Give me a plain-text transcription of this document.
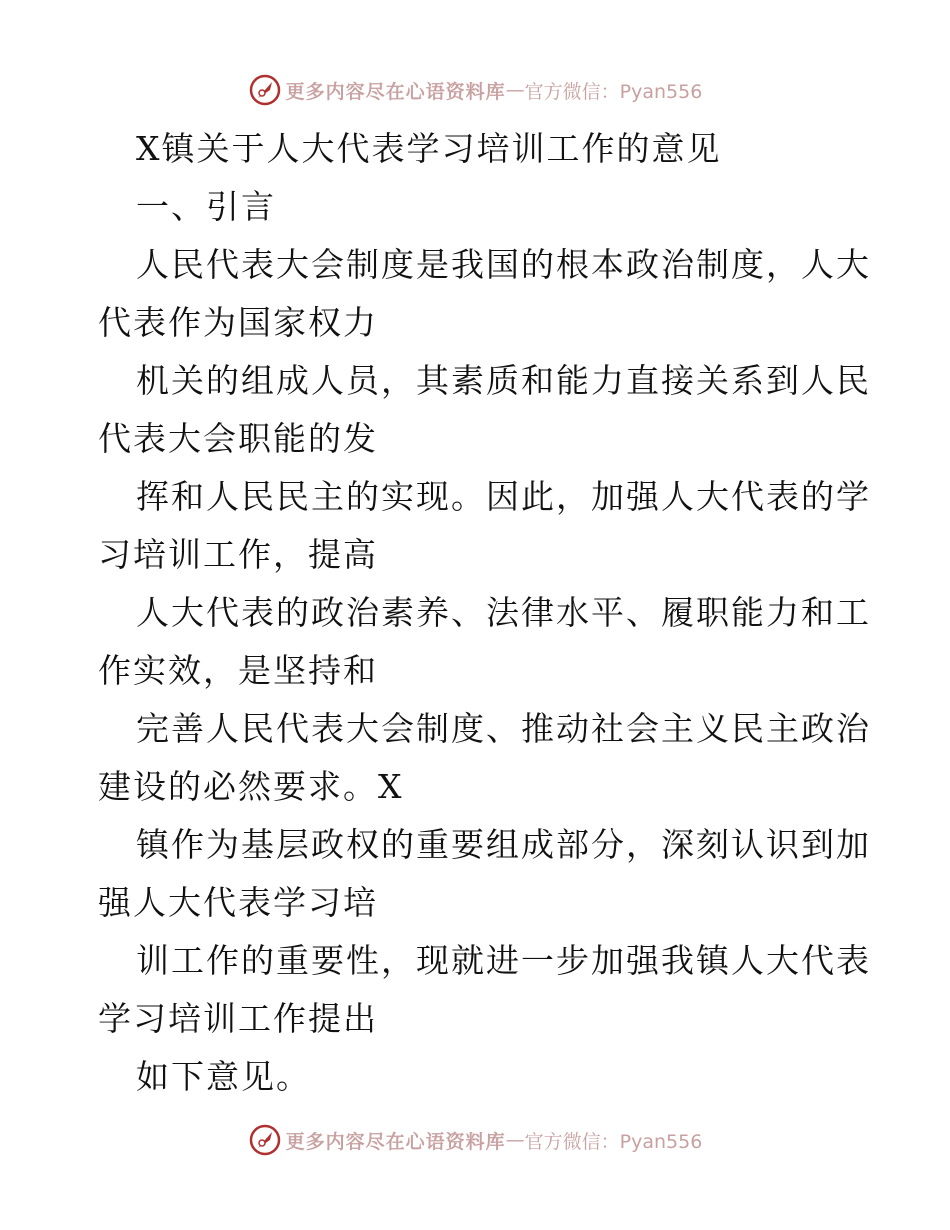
更多内容尽在心语资料库 — 官方微信：Pyan556
X镇关于人大代表学习培训工作的意见
一、引言
人民代表大会制度是我国的根本政治制度，人大
代表作为国家权力
机关的组成人员，其素质和能力直接关系到人民
代表大会职能的发
挥和人民民主的实现。因此，加强人大代表的学
习培训工作，提高
人大代表的政治素养、法律水平、履职能力和工
作实效，是坚持和
完善人民代表大会制度、推动社会主义民主政治
建设的必然要求。X
镇作为基层政权的重要组成部分，深刻认识到加
强人大代表学习培
训工作的重要性，现就进一步加强我镇人大代表
学习培训工作提出
如下意见。
更多内容尽在心语资料库 — 官方微信：Pyan556
